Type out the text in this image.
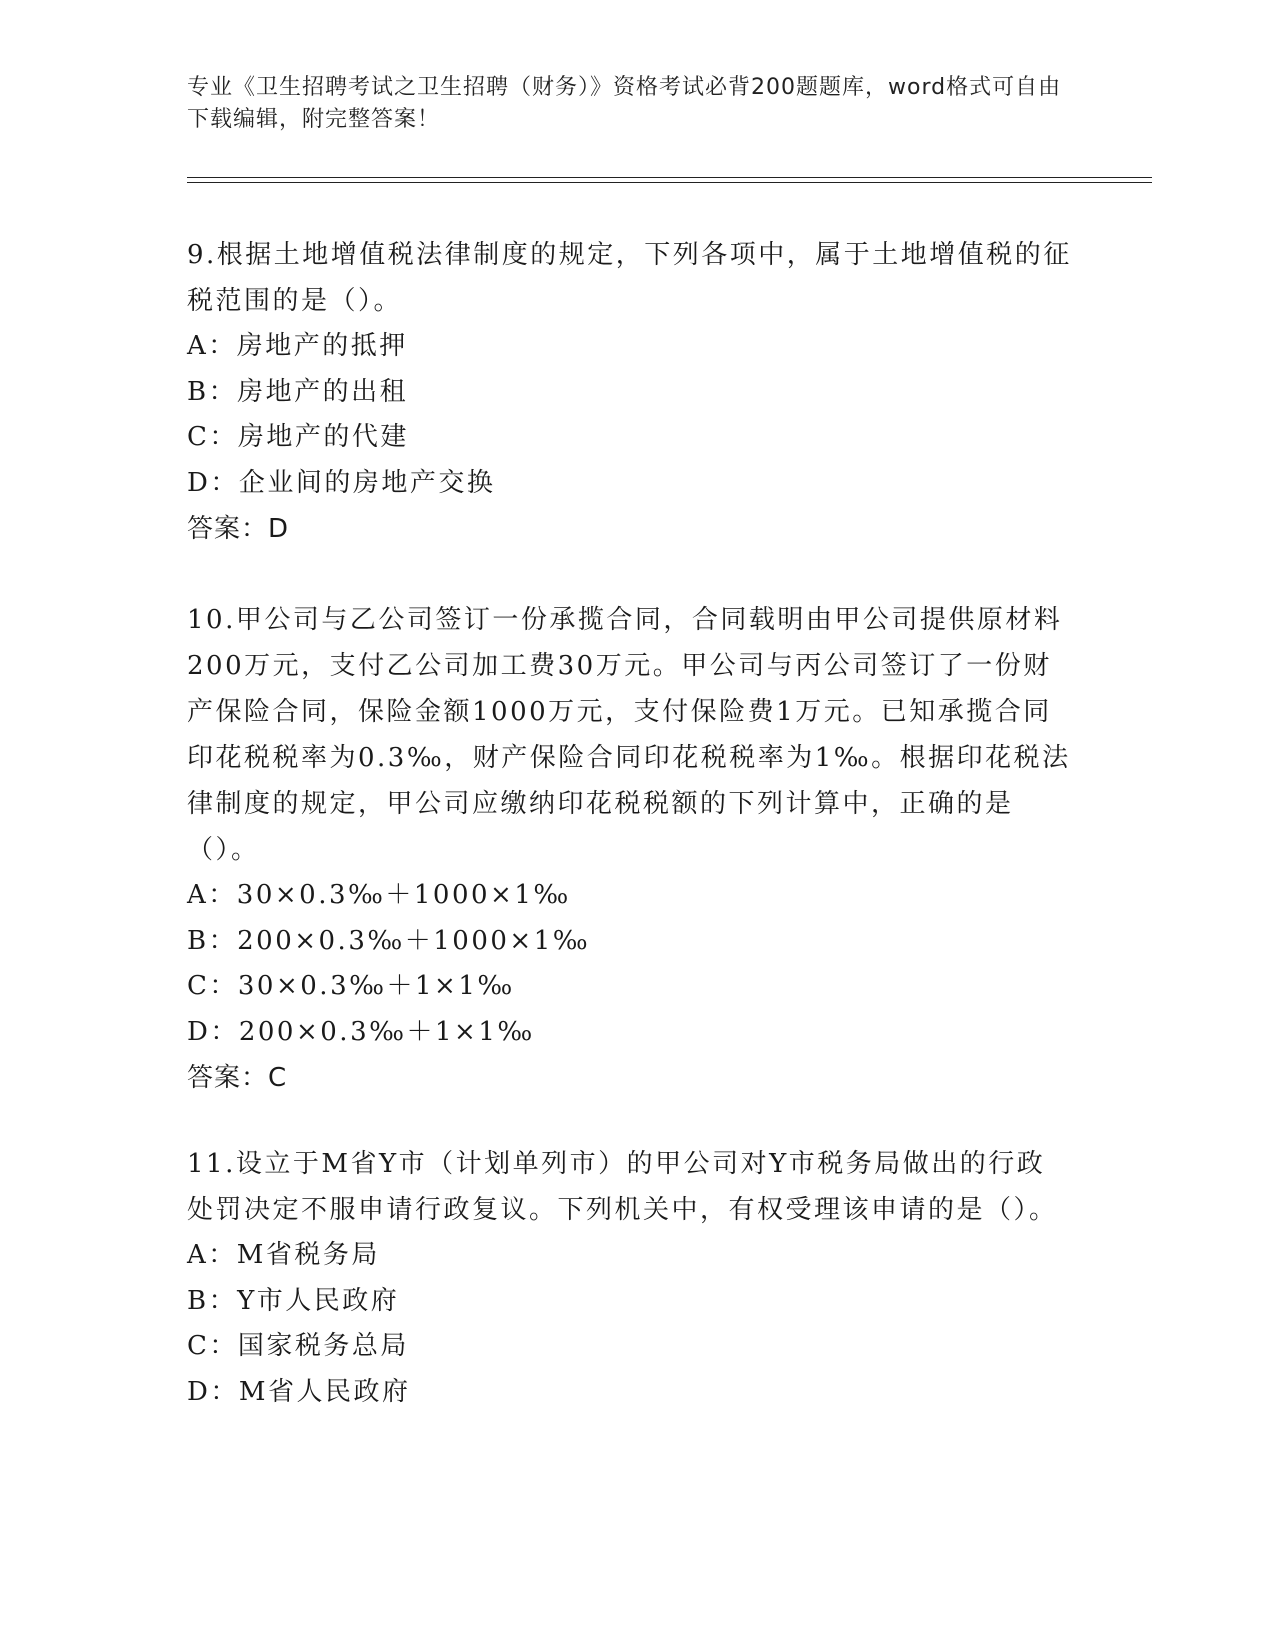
专业《卫生招聘考试之卫生招聘（财务）》资格考试必背200题题库，word格式可自由下载编辑，附完整答案！

9.根据土地增值税法律制度的规定，下列各项中，属于土地增值税的征税范围的是（）。

A：房地产的抵押
B：房地产的出租
C：房地产的代建
D：企业间的房地产交换
答案：D

10.甲公司与乙公司签订一份承揽合同，合同载明由甲公司提供原材料200万元，支付乙公司加工费30万元。甲公司与丙公司签订了一份财产保险合同，保险金额1000万元，支付保险费1万元。已知承揽合同印花税税率为0.3‰，财产保险合同印花税税率为1‰。根据印花税法律制度的规定，甲公司应缴纳印花税税额的下列计算中，正确的是（）。

A：30×0.3‰＋1000×1‰
B：200×0.3‰＋1000×1‰
C：30×0.3‰＋1×1‰
D：200×0.3‰＋1×1‰
答案：C

11.设立于M省Y市（计划单列市）的甲公司对Y市税务局做出的行政处罚决定不服申请行政复议。下列机关中，有权受理该申请的是（）。

A：M省税务局
B：Y市人民政府
C：国家税务总局
D：M省人民政府
